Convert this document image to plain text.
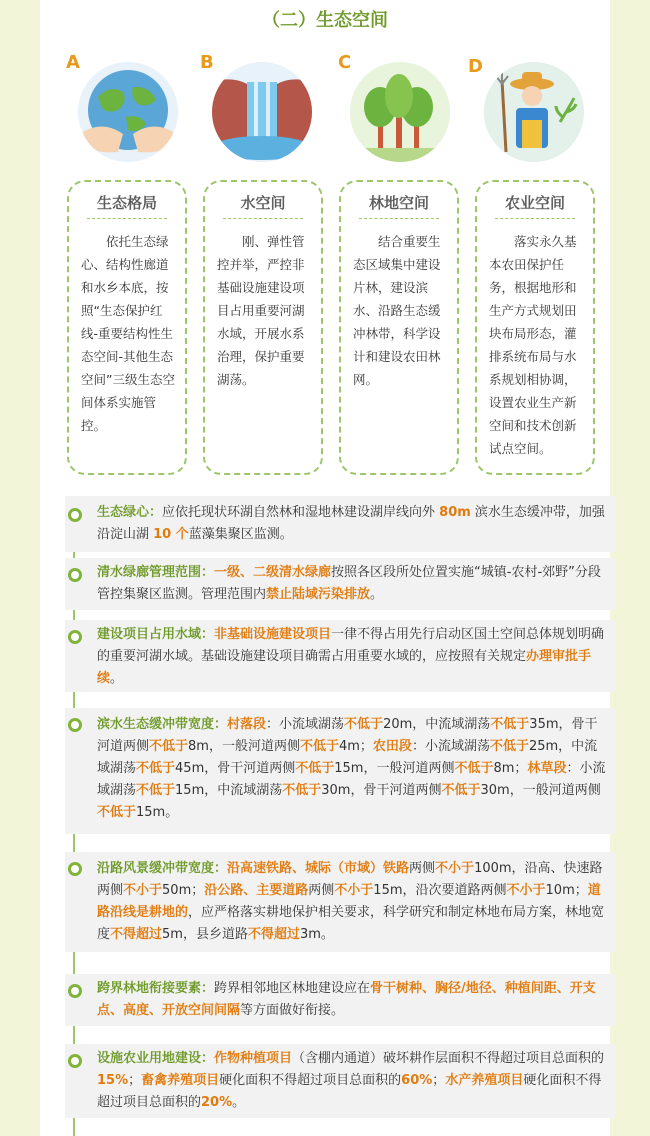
（二）生态空间
A	B	C	D
生态格局
依托生态绿心、结构性廊道和水乡本底，按照“生态保护红线-重要结构性生态空间-其他生态空间”三级生态空间体系实施管控。
水空间
刚、弹性管控并举，严控非基础设施建设项目占用重要河湖水域，开展水系治理，保护重要湖荡。
林地空间
结合重要生态区域集中建设片林，建设滨水、沿路生态缓冲林带，科学设计和建设农田林网。
农业空间
落实永久基本农田保护任务，根据地形和生产方式规划田块布局形态，灌排系统布局与水系规划相协调，设置农业生产新空间和技术创新试点空间。
生态绿心：应依托现状环湖自然林和湿地林建设湖岸线向外 80m 滨水生态缓冲带，加强沿淀山湖 10 个蓝藻集聚区监测。
清水绿廊管理范围：一级、二级清水绿廊按照各区段所处位置实施“城镇-农村-郊野”分段管控集聚区监测。管理范围内禁止陆域污染排放。
建设项目占用水域：非基础设施建设项目一律不得占用先行启动区国土空间总体规划明确的重要河湖水域。基础设施建设项目确需占用重要水域的，应按照有关规定办理审批手续。
滨水生态缓冲带宽度：村落段：小流域湖荡不低于20m，中流域湖荡不低于35m，骨干河道两侧不低于8m，一般河道两侧不低于4m；农田段：小流域湖荡不低于25m，中流域湖荡不低于45m，骨干河道两侧不低于15m，一般河道两侧不低于8m；林草段：小流域湖荡不低于15m，中流域湖荡不低于30m，骨干河道两侧不低于30m，一般河道两侧不低于15m。
沿路风景缓冲带宽度：沿高速铁路、城际（市域）铁路两侧不小于100m，沿高、快速路两侧不小于50m；沿公路、主要道路两侧不小于15m，沿次要道路两侧不小于10m；道路沿线是耕地的，应严格落实耕地保护相关要求，科学研究和制定林地布局方案，林地宽度不得超过5m，县乡道路不得超过3m。
跨界林地衔接要素：跨界相邻地区林地建设应在骨干树种、胸径/地径、种植间距、开支点、高度、开放空间间隔等方面做好衔接。
设施农业用地建设：作物种植项目（含棚内通道）破坏耕作层面积不得超过项目总面积的15%；畜禽养殖项目硬化面积不得超过项目总面积的60%；水产养殖项目硬化面积不得超过项目总面积的20%。
